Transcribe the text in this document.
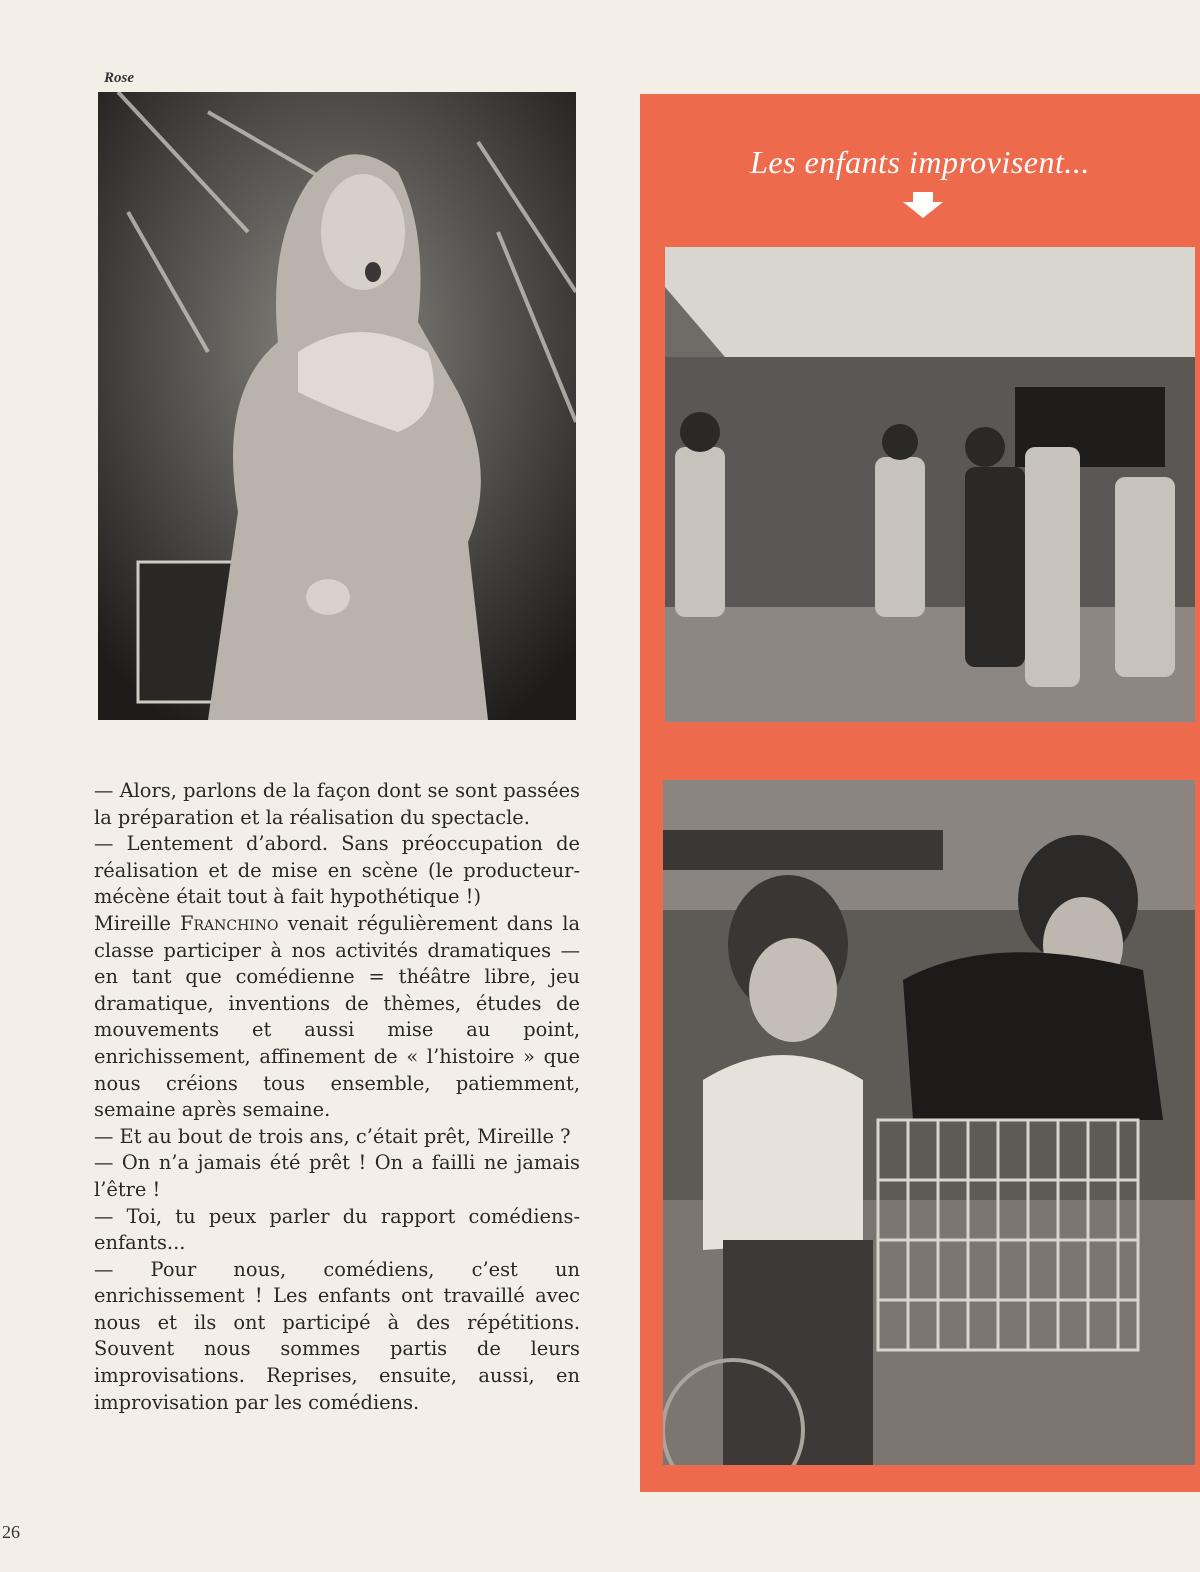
Rose
Les enfants improvisent...

— Alors, parlons de la façon dont se sont passées la préparation et la réalisation du spectacle.

— Lentement d’abord. Sans préoccupation de réalisation et de mise en scène (le producteur-mécène était tout à fait hypothétique !)

Mireille Franchino venait régulièrement dans la classe participer à nos activités dramatiques — en tant que comédienne = théâtre libre, jeu dramatique, inventions de thèmes, études de mouvements et aussi mise au point, enrichissement, affinement de « l’histoire » que nous créions tous ensemble, patiemment, semaine après semaine.

— Et au bout de trois ans, c’était prêt, Mireille ?

— On n’a jamais été prêt ! On a failli ne jamais l’être !

— Toi, tu peux parler du rapport comédiens-enfants...

— Pour nous, comédiens, c’est un enrichissement ! Les enfants ont travaillé avec nous et ils ont participé à des répétitions. Souvent nous sommes partis de leurs improvisations. Reprises, ensuite, aussi, en improvisation par les comédiens.

26
